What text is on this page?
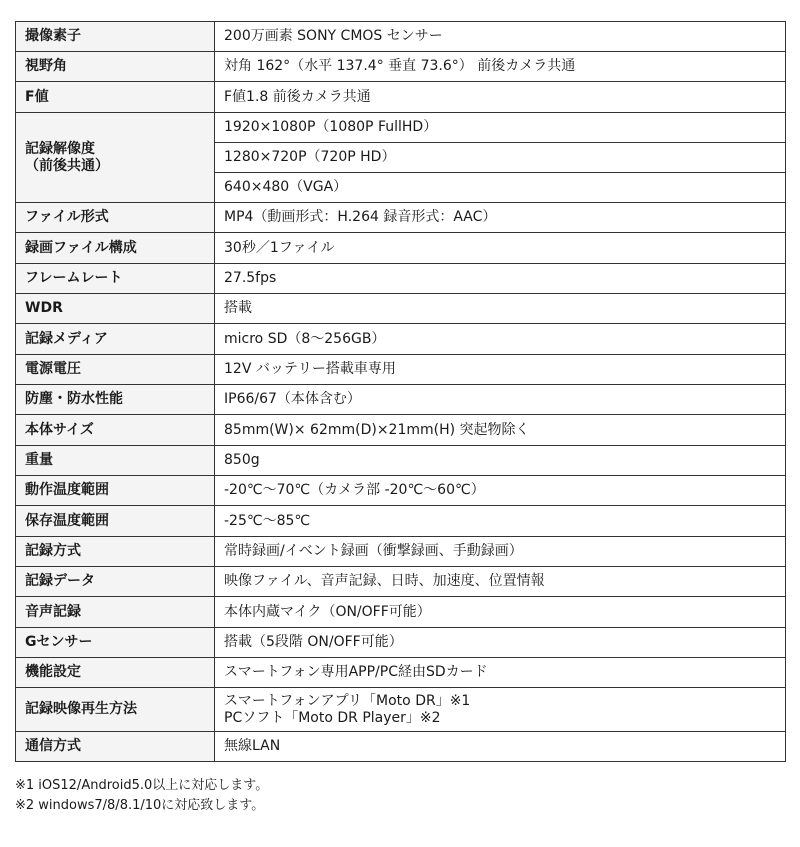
撮像素子	200万画素 SONY CMOS センサー
視野角	対角 162°（水平 137.4° 垂直 73.6°） 前後カメラ共通
F値	F値1.8 前後カメラ共通

記録解像度
（前後共通）	1920×1080P（1080P FullHD）
	1280×720P（720P HD）
	640×480（VGA）
ファイル形式	MP4（動画形式：H.264 録音形式：AAC）
録画ファイル構成	30秒／1ファイル
フレームレート	27.5fps
WDR	搭載
記録メディア	micro SD（8〜256GB）
電源電圧	12V バッテリー搭載車専用
防塵・防水性能	IP66/67（本体含む）
本体サイズ	85mm(W)× 62mm(D)×21mm(H) 突起物除く
重量	850g
動作温度範囲	-20℃〜70℃（カメラ部 -20℃〜60℃）
保存温度範囲	-25℃〜85℃
記録方式	常時録画/イベント録画（衝撃録画、手動録画）
記録データ	映像ファイル、音声記録、日時、加速度、位置情報
音声記録	本体内蔵マイク（ON/OFF可能）
Gセンサー	搭載（5段階 ON/OFF可能）
機能設定	スマートフォン専用APP/PC経由SDカード
記録映像再生方法	スマートフォンアプリ「Moto DR」※1
PCソフト「Moto DR Player」※2

通信方式	無線LAN
※1 iOS12/Android5.0以上に対応します。
※2 windows7/8/8.1/10に対応致します。
